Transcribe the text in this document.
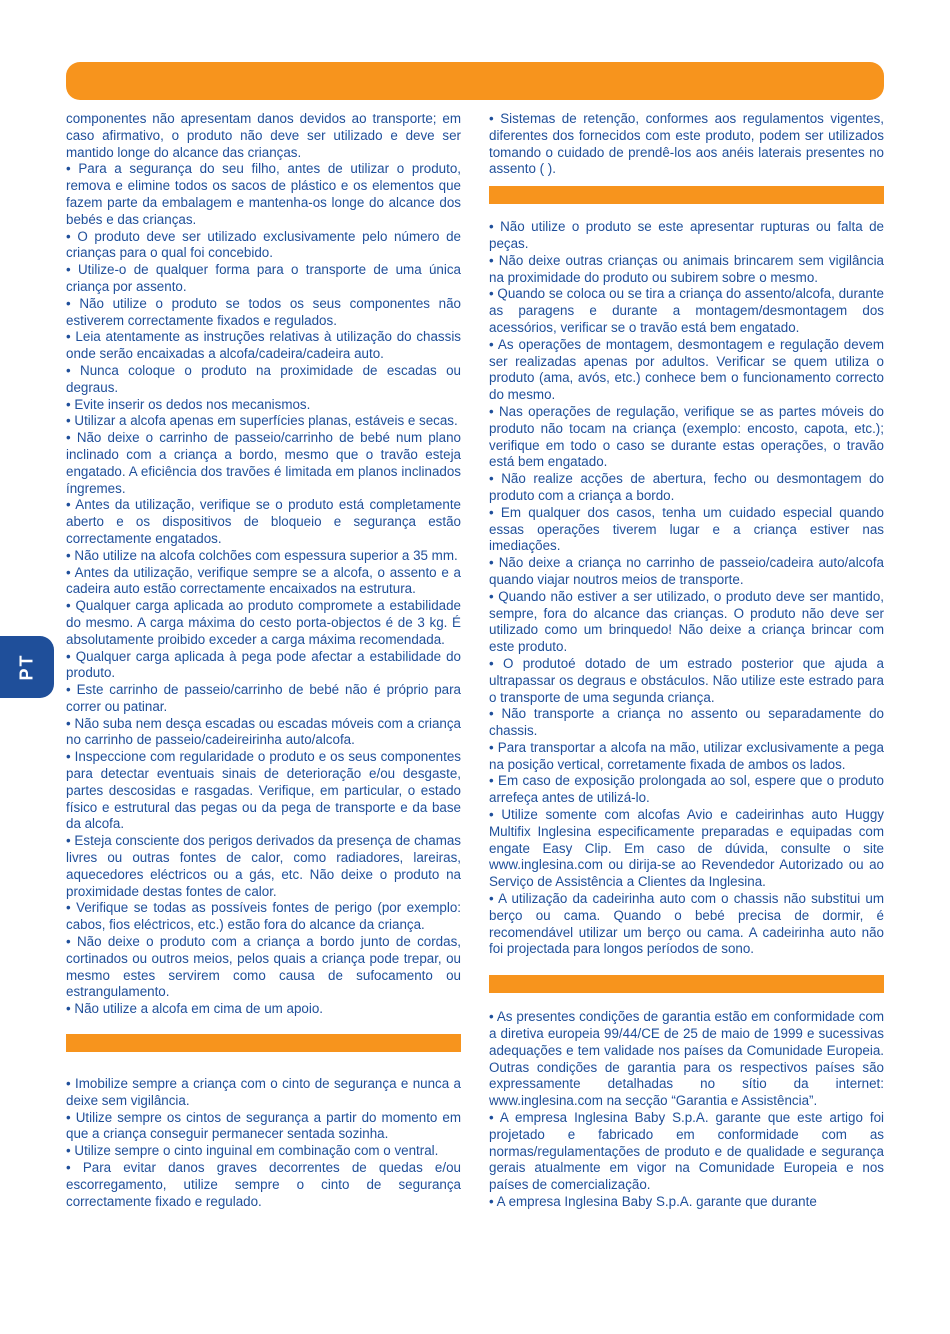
PT

componentes não apresentam danos devidos ao transporte; em caso afirmativo, o produto não deve ser utilizado e deve ser mantido longe do alcance das crianças.

• Para a segurança do seu filho, antes de utilizar o produto, remova e elimine todos os sacos de plástico e os elementos que fazem parte da embalagem e mantenha-os longe do alcance dos bebés e das crianças.

• O produto deve ser utilizado exclusivamente pelo número de crianças para o qual foi concebido.

• Utilize-o de qualquer forma para o transporte de uma única criança por assento.

• Não utilize o produto se todos os seus componentes não estiverem correctamente fixados e regulados.

• Leia atentamente as instruções relativas à utilização do chassis onde serão encaixadas a alcofa/cadeira/cadeira auto.

• Nunca coloque o produto na proximidade de escadas ou degraus.

• Evite inserir os dedos nos mecanismos.

• Utilizar a alcofa apenas em superfícies planas, estáveis e secas.

• Não deixe o carrinho de passeio/carrinho de bebé num plano inclinado com a criança a bordo, mesmo que o travão esteja engatado. A eficiência dos travões é limitada em planos inclinados íngremes.

• Antes da utilização, verifique se o produto está completamente aberto e os dispositivos de bloqueio e segurança estão correctamente engatados.

• Não utilize na alcofa colchões com espessura superior a 35 mm.

• Antes da utilização, verifique sempre se a alcofa, o assento e a cadeira auto estão correctamente encaixados na estrutura.

• Qualquer carga aplicada ao produto compromete a estabilidade do mesmo. A carga máxima do cesto porta-objectos é de 3 kg. É absolutamente proibido exceder a carga máxima recomendada.

• Qualquer carga aplicada à pega pode afectar a estabilidade do produto.

• Este carrinho de passeio/carrinho de bebé não é próprio para correr ou patinar.

• Não suba nem desça escadas ou escadas móveis com a criança no carrinho de passeio/cadeireirinha auto/alcofa.

• Inspeccione com regularidade o produto e os seus componentes para detectar eventuais sinais de deterioração e/ou desgaste, partes descosidas e rasgadas. Verifique, em particular, o estado físico e estrutural das pegas ou da pega de transporte e da base da alcofa.

• Esteja consciente dos perigos derivados da presença de chamas livres ou outras fontes de calor, como radiadores, lareiras, aquecedores eléctricos ou a gás, etc. Não deixe o produto na proximidade destas fontes de calor.

• Verifique se todas as possíveis fontes de perigo (por exemplo: cabos, fios eléctricos, etc.) estão fora do alcance da criança.

• Não deixe o produto com a criança a bordo junto de cordas, cortinados ou outros meios, pelos quais a criança pode trepar, ou mesmo estes servirem como causa de sufocamento ou estrangulamento.

• Não utilize a alcofa em cima de um apoio.

• Imobilize sempre a criança com o cinto de segurança e nunca a deixe sem vigilância.

• Utilize sempre os cintos de segurança a partir do momento em que a criança conseguir permanecer sentada sozinha.

• Utilize sempre o cinto inguinal em combinação com o ventral.

• Para evitar danos graves decorrentes de quedas e/ou escorregamento, utilize sempre o cinto de segurança correctamente fixado e regulado.

• Sistemas de retenção, conformes aos regulamentos vigentes, diferentes dos fornecidos com este produto, podem ser utilizados tomando o cuidado de prendê-los aos anéis laterais presentes no assento ( ).

• Não utilize o produto se este apresentar rupturas ou falta de peças.

• Não deixe outras crianças ou animais brincarem sem vigilância na proximidade do produto ou subirem sobre o mesmo.

• Quando se coloca ou se tira a criança do assento/alcofa, durante as paragens e durante a montagem/desmontagem dos acessórios, verificar se o travão está bem engatado.

• As operações de montagem, desmontagem e regulação devem ser realizadas apenas por adultos. Verificar se quem utiliza o produto (ama, avós, etc.) conhece bem o funcionamento correcto do mesmo.

• Nas operações de regulação, verifique se as partes móveis do produto não tocam na criança (exemplo: encosto, capota, etc.); verifique em todo o caso se durante estas operações, o travão está bem engatado.

• Não realize acções de abertura, fecho ou desmontagem do produto com a criança a bordo.

• Em qualquer dos casos, tenha um cuidado especial quando essas operações tiverem lugar e a criança estiver nas imediações.

• Não deixe a criança no carrinho de passeio/cadeira auto/alcofa quando viajar noutros meios de transporte.

• Quando não estiver a ser utilizado, o produto deve ser mantido, sempre, fora do alcance das crianças. O produto não deve ser utilizado como um brinquedo! Não deixe a criança brincar com este produto.

• O produtoé dotado de um estrado posterior que ajuda a ultrapassar os degraus e obstáculos. Não utilize este estrado para o transporte de uma segunda criança.

• Não transporte a criança no assento ou separadamente do chassis.

• Para transportar a alcofa na mão, utilizar exclusivamente a pega na posição vertical, corretamente fixada de ambos os lados.

• Em caso de exposição prolongada ao sol, espere que o produto arrefeça antes de utilizá-lo.

• Utilize somente com alcofas Avio e cadeirinhas auto Huggy Multifix Inglesina especificamente preparadas e equipadas com engate Easy Clip. Em caso de dúvida, consulte o site www.inglesina.com ou dirija-se ao Revendedor Autorizado ou ao Serviço de Assistência a Clientes da Inglesina.

• A utilização da cadeirinha auto com o chassis não substitui um berço ou cama. Quando o bebé precisa de dormir, é recomendável utilizar um berço ou cama. A cadeirinha auto não foi projectada para longos períodos de sono.

• As presentes condições de garantia estão em conformidade com a diretiva europeia 99/44/CE de 25 de maio de 1999 e sucessivas adequações e tem validade nos países da Comunidade Europeia. Outras condições de garantia para os respectivos países são expressamente detalhadas no sítio da internet: www.inglesina.com na secção “Garantia e Assistência”.

• A empresa Inglesina Baby S.p.A. garante que este artigo foi projetado e fabricado em conformidade com as normas/regulamentações de produto e de qualidade e segurança gerais atualmente em vigor na Comunidade Europeia e nos países de comercialização.

• A empresa Inglesina Baby S.p.A. garante que durante
